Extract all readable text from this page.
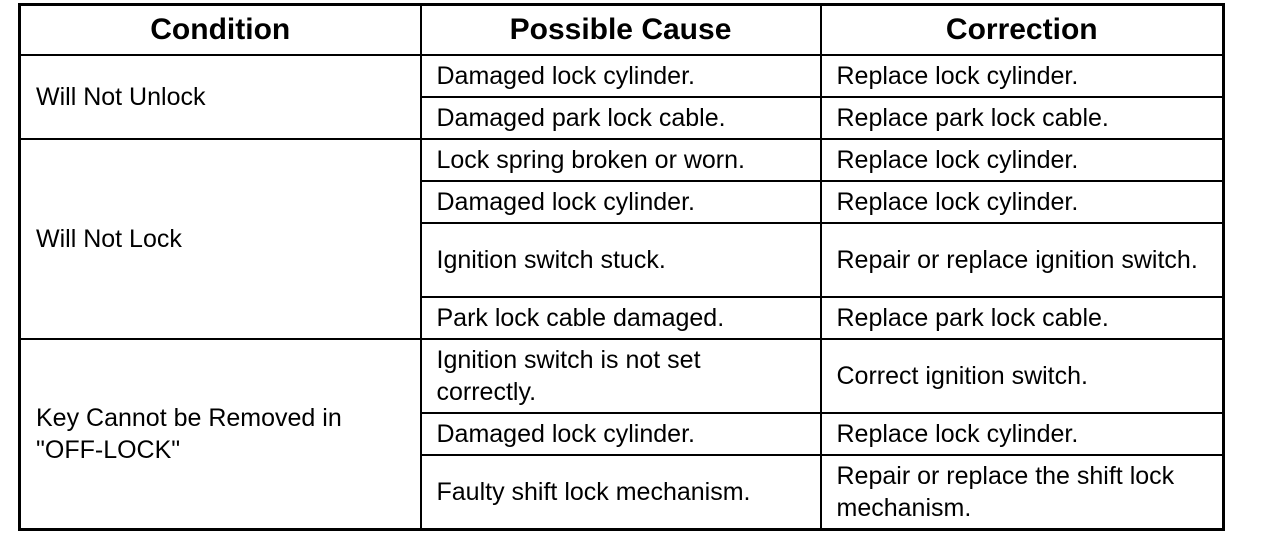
Condition	Possible Cause	Correction
Will Not Unlock	Damaged lock cylinder.	Replace lock cylinder.
	Damaged park lock cable.	Replace park lock cable.
Will Not Lock	Lock spring broken or worn.	Replace lock cylinder.
	Damaged lock cylinder.	Replace lock cylinder.
	Ignition switch stuck.	Repair or replace ignition switch.
	Park lock cable damaged.	Replace park lock cable.
Key Cannot be Removed in "OFF-LOCK"	Ignition switch is not set correctly.	Correct ignition switch.
	Damaged lock cylinder.	Replace lock cylinder.
	Faulty shift lock mechanism.	Repair or replace the shift lock mechanism.
